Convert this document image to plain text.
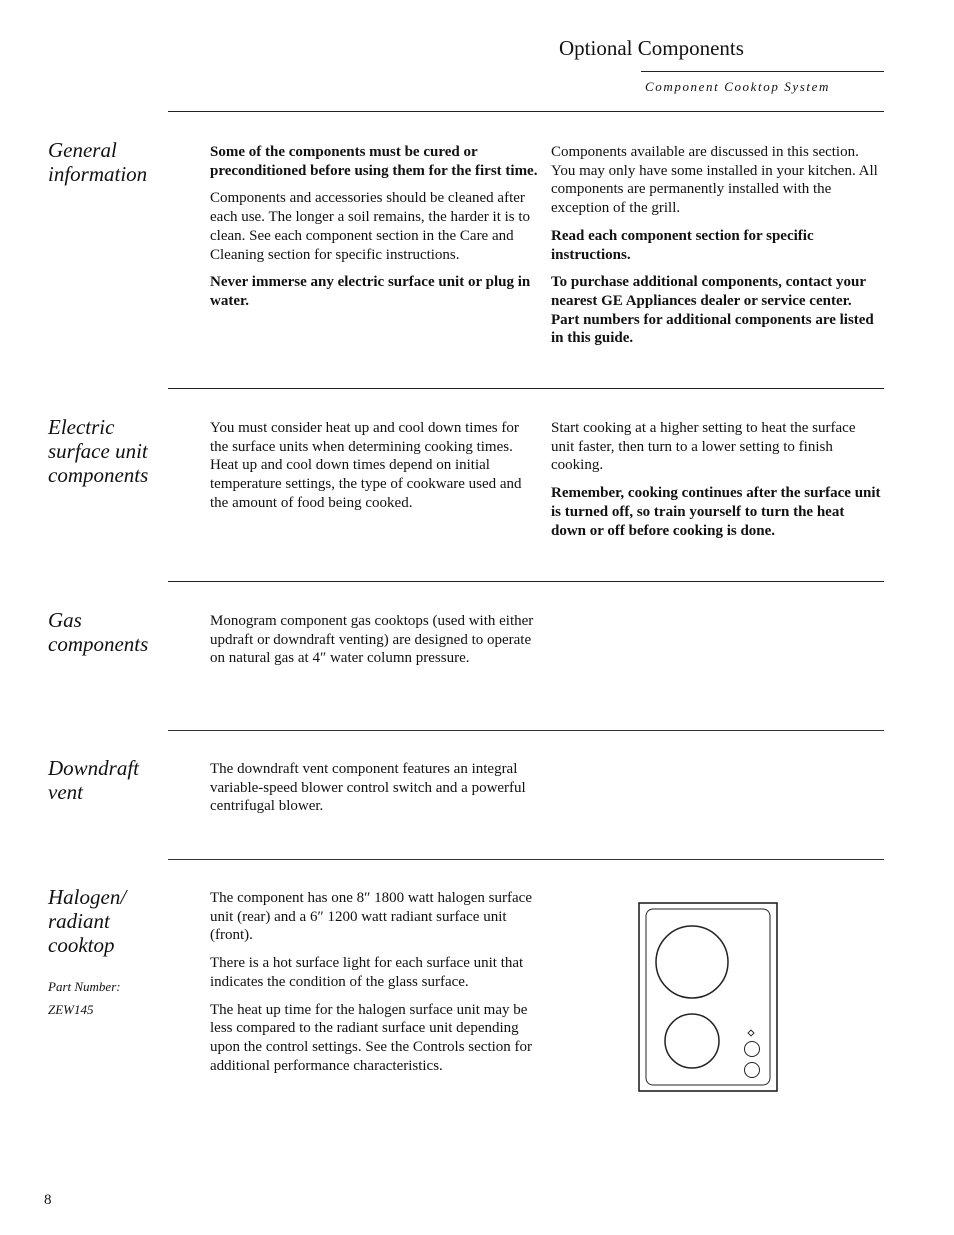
Optional Components
Component Cooktop System
General information

Some of the components must be cured or preconditioned before using them for the first time.

Components and accessories should be cleaned after each use. The longer a soil remains, the harder it is to clean. See each component section in the Care and Cleaning section for specific instructions.

Never immerse any electric surface unit or plug in water.

Components available are discussed in this section. You may only have some installed in your kitchen. All components are permanently installed with the exception of the grill.

Read each component section for specific instructions.

To purchase additional components, contact your nearest GE Appliances dealer or service center. Part numbers for additional components are listed in this guide.

Electric surface unit components

You must consider heat up and cool down times for the surface units when determining cooking times. Heat up and cool down times depend on initial temperature settings, the type of cookware used and the amount of food being cooked.

Start cooking at a higher setting to heat the surface unit faster, then turn to a lower setting to finish cooking.

Remember, cooking continues after the surface unit is turned off, so train yourself to turn the heat down or off before cooking is done.

Gas components

Monogram component gas cooktops (used with either updraft or downdraft venting) are designed to operate on natural gas at 4″ water column pressure.

Downdraft vent

The downdraft vent component features an integral variable-speed blower control switch and a powerful centrifugal blower.

Halogen/ radiant cooktop
Part Number:
ZEW145

The component has one 8″ 1800 watt halogen surface unit (rear) and a 6″ 1200 watt radiant surface unit (front).

There is a hot surface light for each surface unit that indicates the condition of the glass surface.

The heat up time for the halogen surface unit may be less compared to the radiant surface unit depending upon the control settings. See the Controls section for additional performance characteristics.

8
